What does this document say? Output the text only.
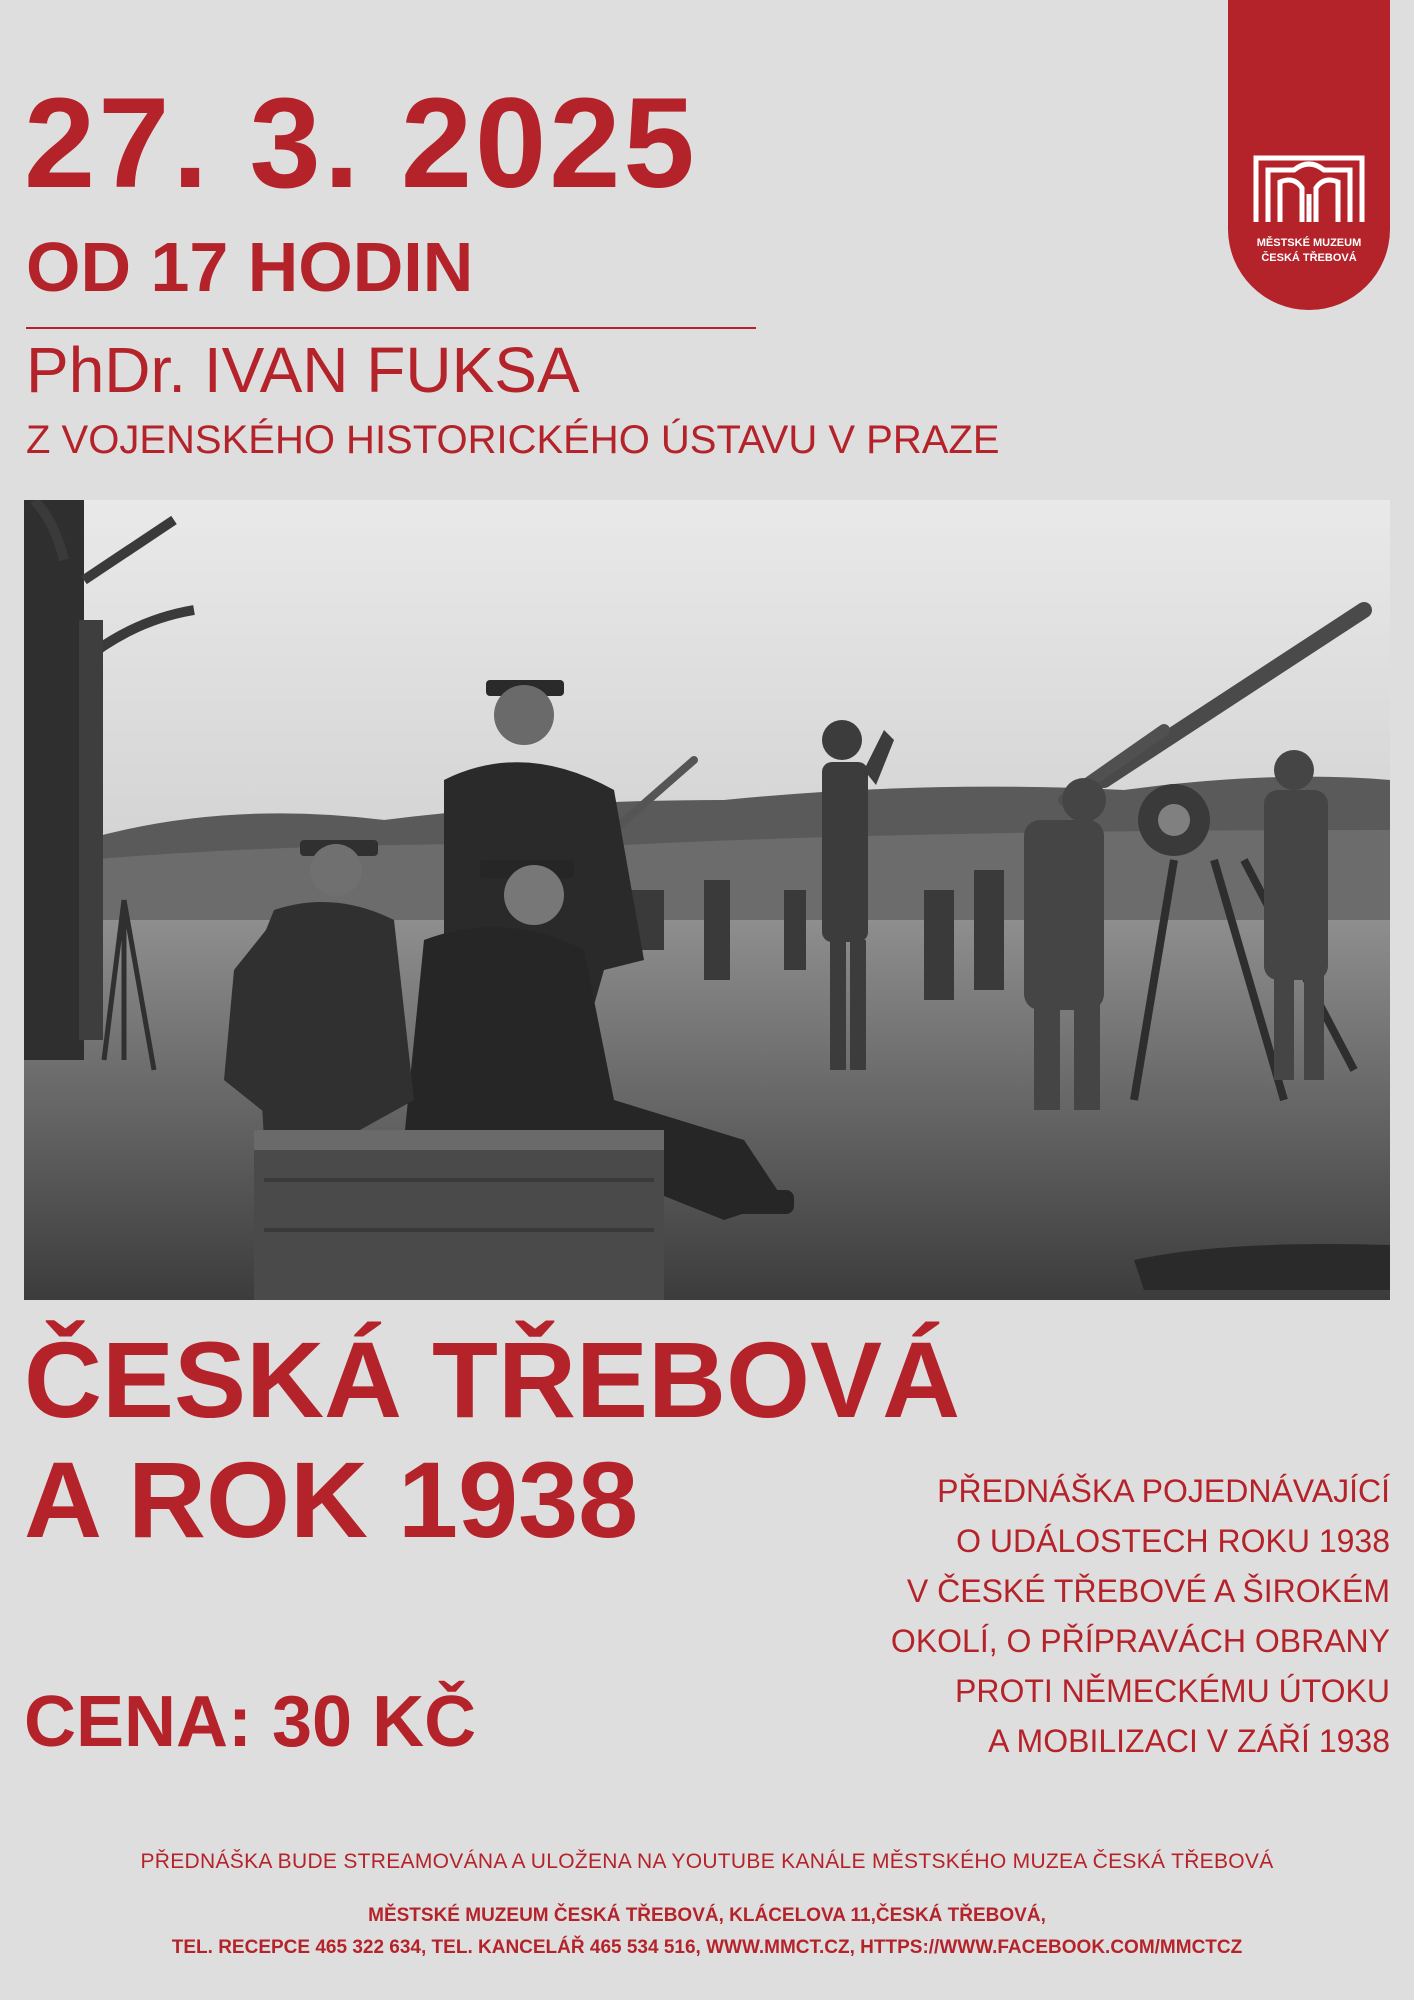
27. 3. 2025
OD 17 HODIN
PhDr. IVAN FUKSA
Z VOJENSKÉHO HISTORICKÉHO ÚSTAVU V PRAZE
MĚSTSKÉ MUZEUM
ČESKÁ TŘEBOVÁ
ČESKÁ TŘEBOVÁ
A ROK 1938	PŘEDNÁŠKA POJEDNÁVAJÍCÍ
O UDÁLOSTECH ROKU 1938
V ČESKÉ TŘEBOVÉ A ŠIROKÉM
OKOLÍ, O PŘÍPRAVÁCH OBRANY
PROTI NĚMECKÉMU ÚTOKU
A MOBILIZACI V ZÁŘÍ 1938
CENA: 30 KČ
PŘEDNÁŠKA BUDE STREAMOVÁNA A ULOŽENA NA YOUTUBE KANÁLE MĚSTSKÉHO MUZEA ČESKÁ TŘEBOVÁ
MĚSTSKÉ MUZEUM ČESKÁ TŘEBOVÁ, KLÁCELOVA 11,ČESKÁ TŘEBOVÁ,
TEL. RECEPCE 465 322 634, TEL. KANCELÁŘ 465 534 516, WWW.MMCT.CZ, HTTPS://WWW.FACEBOOK.COM/MMCTCZ
